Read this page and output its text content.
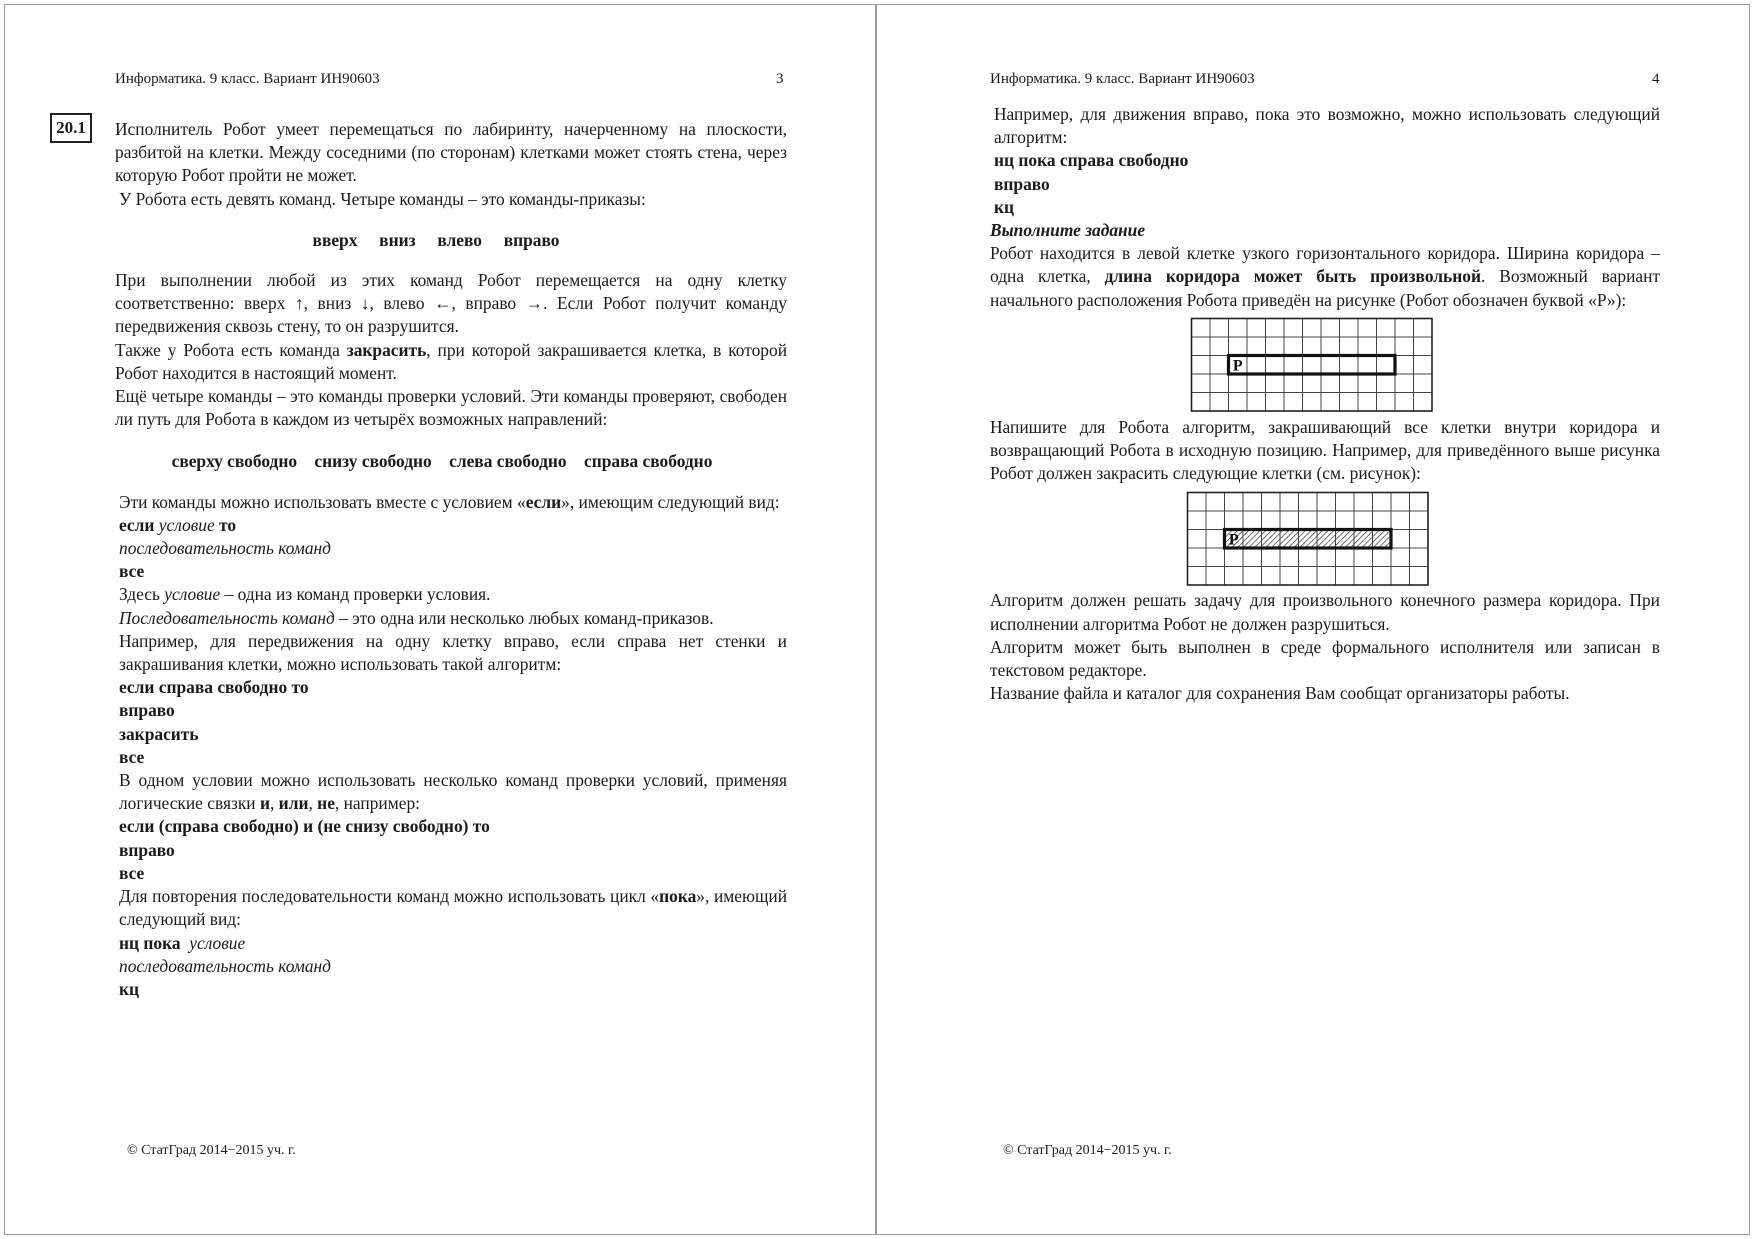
Информатика. 9 класс. Вариант ИН90603	3
20.1	Исполнитель Робот умеет перемещаться по лабиринту, начерченному на плоскости, разбитой на клетки. Между соседними (по сторонам) клетками может стоять стена, через которую Робот пройти не может.

У Робота есть девять команд. Четыре команды – это команды-приказы:

вверх вниз влево вправо

При выполнении любой из этих команд Робот перемещается на одну клетку соответственно: вверх ↑, вниз ↓, влево ←, вправо →. Если Робот получит команду передвижения сквозь стену, то он разрушится.

Также у Робота есть команда закрасить, при которой закрашивается клетка, в которой Робот находится в настоящий момент.

Ещё четыре команды – это команды проверки условий. Эти команды проверяют, свободен ли путь для Робота в каждом из четырёх возможных направлений:

сверху свободно снизу свободно слева свободно справа свободно

Эти команды можно использовать вместе с условием «если», имеющим следующий вид:

если условие то

последовательность команд

все

Здесь условие – одна из команд проверки условия.

Последовательность команд – это одна или несколько любых команд-приказов.

Например, для передвижения на одну клетку вправо, если справа нет стенки и закрашивания клетки, можно использовать такой алгоритм:

если справа свободно то

вправо

закрасить

все

В одном условии можно использовать несколько команд проверки условий, применяя логические связки и, или, не, например:

если (справа свободно) и (не снизу свободно) то

вправо

все

Для повторения последовательности команд можно использовать цикл «пока», имеющий следующий вид:

нц пока условие

последовательность команд

кц

© СтатГрад 2014−2015 уч. г.
Информатика. 9 класс. Вариант ИН90603	4

Например, для движения вправо, пока это возможно, можно использовать следующий алгоритм:

нц пока справа свободно

вправо

кц

Выполните задание

Робот находится в левой клетке узкого горизонтального коридора. Ширина коридора – одна клетка, длина коридора может быть произвольной. Возможный вариант начального расположения Робота приведён на рисунке (Робот обозначен буквой «Р»):

Р

Напишите для Робота алгоритм, закрашивающий все клетки внутри коридора и возвращающий Робота в исходную позицию. Например, для приведённого выше рисунка Робот должен закрасить следующие клетки (см. рисунок):

Р

Алгоритм должен решать задачу для произвольного конечного размера коридора. При исполнении алгоритма Робот не должен разрушиться.

Алгоритм может быть выполнен в среде формального исполнителя или записан в текстовом редакторе.

Название файла и каталог для сохранения Вам сообщат организаторы работы.

© СтатГрад 2014−2015 уч. г.
